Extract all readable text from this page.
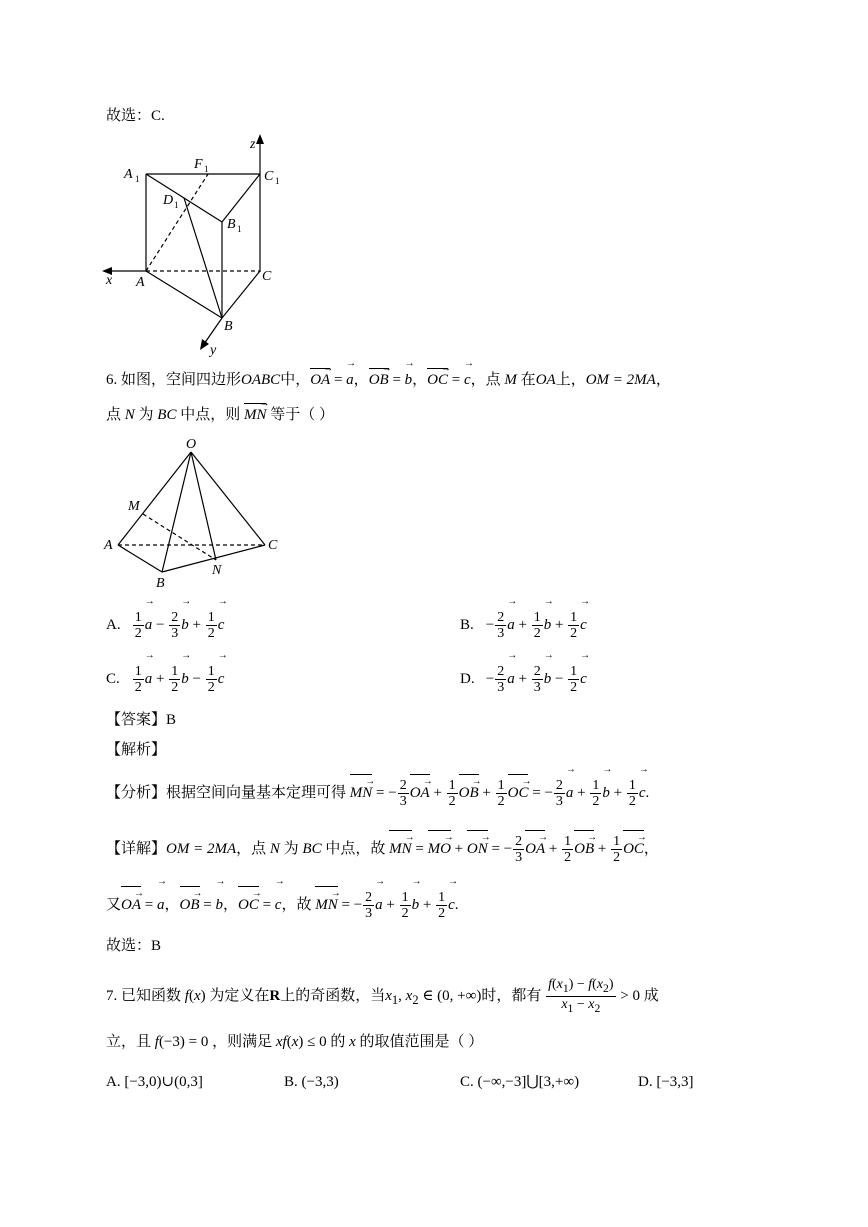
故选：C.
z
A 1
F 1	C 1
D 1
B 1
x A	C
B
y
6. 如图，空间四边形OABC中，OA → =
→
a，OB → =
→
b，OC → =
→
c，点 M 在OA上，OM = 2MA，
点 N 为 BC 中点，则 MN → 等于（ ）
O
M
A	C
B
N
A. $\frac{1}{2}$
→
$a - \frac{2}{3}$
→
$b + \frac{1}{2}$
→
c	B. − $\frac{2}{3}$
→
$a + \frac{1}{2}$
→
$b + \frac{1}{2}$
→
c
C. $\frac{1}{2}$
→
$a + \frac{1}{2}$
→
$b - \frac{1}{2}$
→
c	D. − $\frac{2}{3}$
→
$a + \frac{2}{3}$
→
$b - \frac{1}{2}$
→
c
【答案】B
【解析】
【分析】根据空间向量基本定理可得 MN → = − $\frac{2}{3}$ OA → + $\frac{1}{2}$ OB → + $\frac{1}{2}$ OC → = − $\frac{2}{3}$
→
$a + \frac{1}{2}$
→
$b + \frac{1}{2}$
→
c.
【详解】OM = 2MA，点 N 为 BC 中点，故 MN → = MO → + ON → = − $\frac{2}{3}$ OA → + $\frac{1}{2}$ OB → + $\frac{1}{2}$ OC →，
又OA → =
→
a，OB → =
→
b，OC → =
→
c，故 MN → = − $\frac{2}{3}$
→
$a + \frac{1}{2}$
→
$b + \frac{1}{2}$
→
c.
故选：B
7. 已知函数 f(x) 为定义在R上的奇函数，当$x_1$, $x_2$ ∈ (0, +∞)时，都有 $\frac{f(x_1) - f(x_2)}{x_1 - x_2} > 0$ 成
立，且 f(−3) = 0 ，则满足 xf(x) ≤ 0 的 x 的取值范围是（ ）
A. [−3,0)∪(0,3]	B. (−3,3)	C. (−∞,−3]⋃[3,+∞)	D. [−3,3]
